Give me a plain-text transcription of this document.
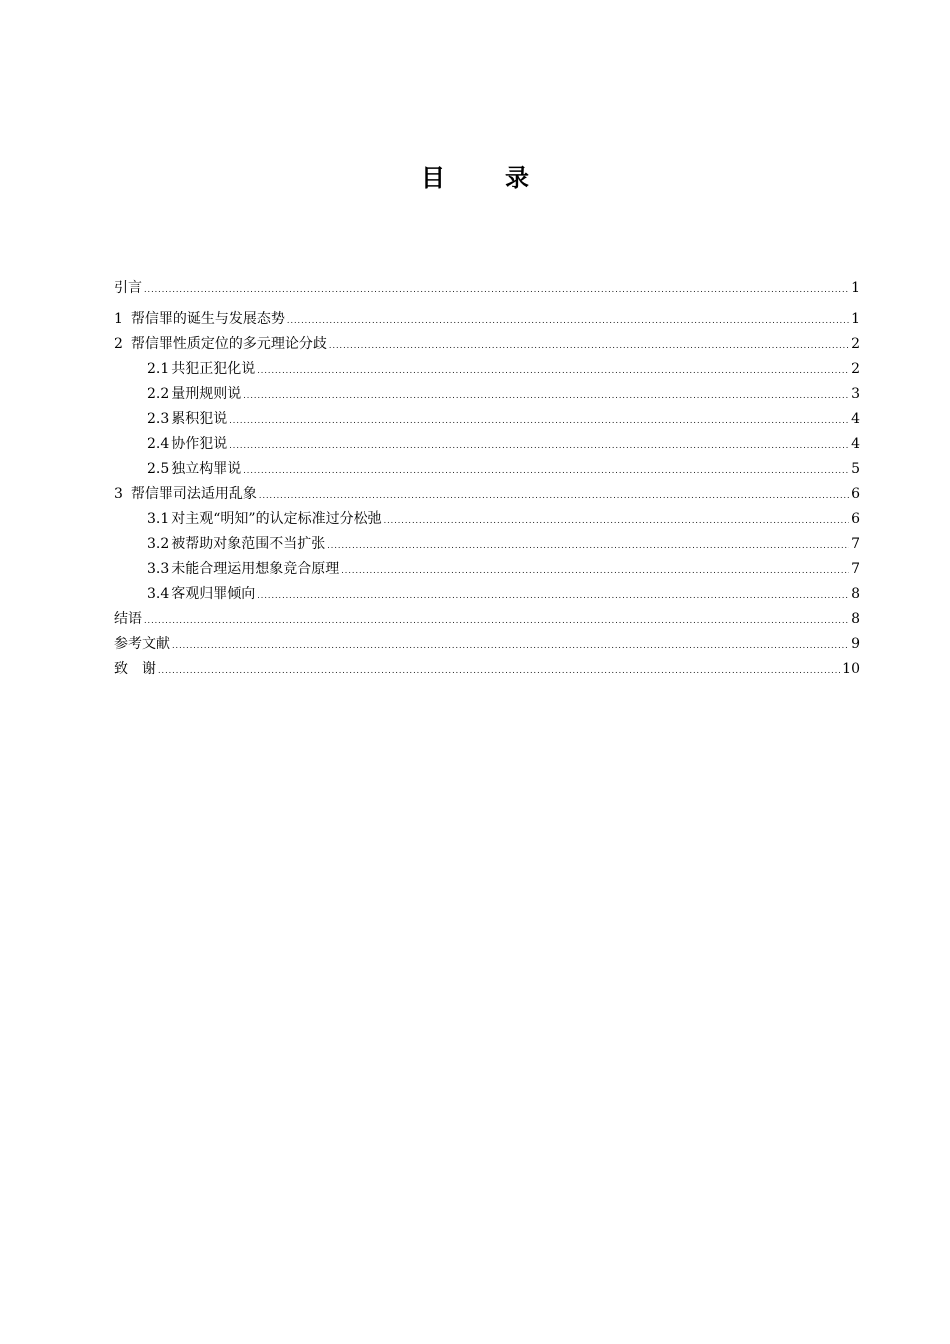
目　录
引言 .....	1
1 帮信罪的诞生与发展态势 .....	1
2 帮信罪性质定位的多元理论分歧 .....	2
2.1 共犯正犯化说 .....	2
2.2 量刑规则说 .....	3
2.3 累积犯说 .....	4
2.4 协作犯说 .....	4
2.5 独立构罪说 .....	5
3 帮信罪司法适用乱象 .....	6
3.1 对主观“明知”的认定标准过分松弛 .....	6
3.2 被帮助对象范围不当扩张 .....	7
3.3 未能合理运用想象竞合原理 .....	7
3.4 客观归罪倾向 .....	8
结语 .....	8
参考文献 .....	9
致　谢 .....	10
